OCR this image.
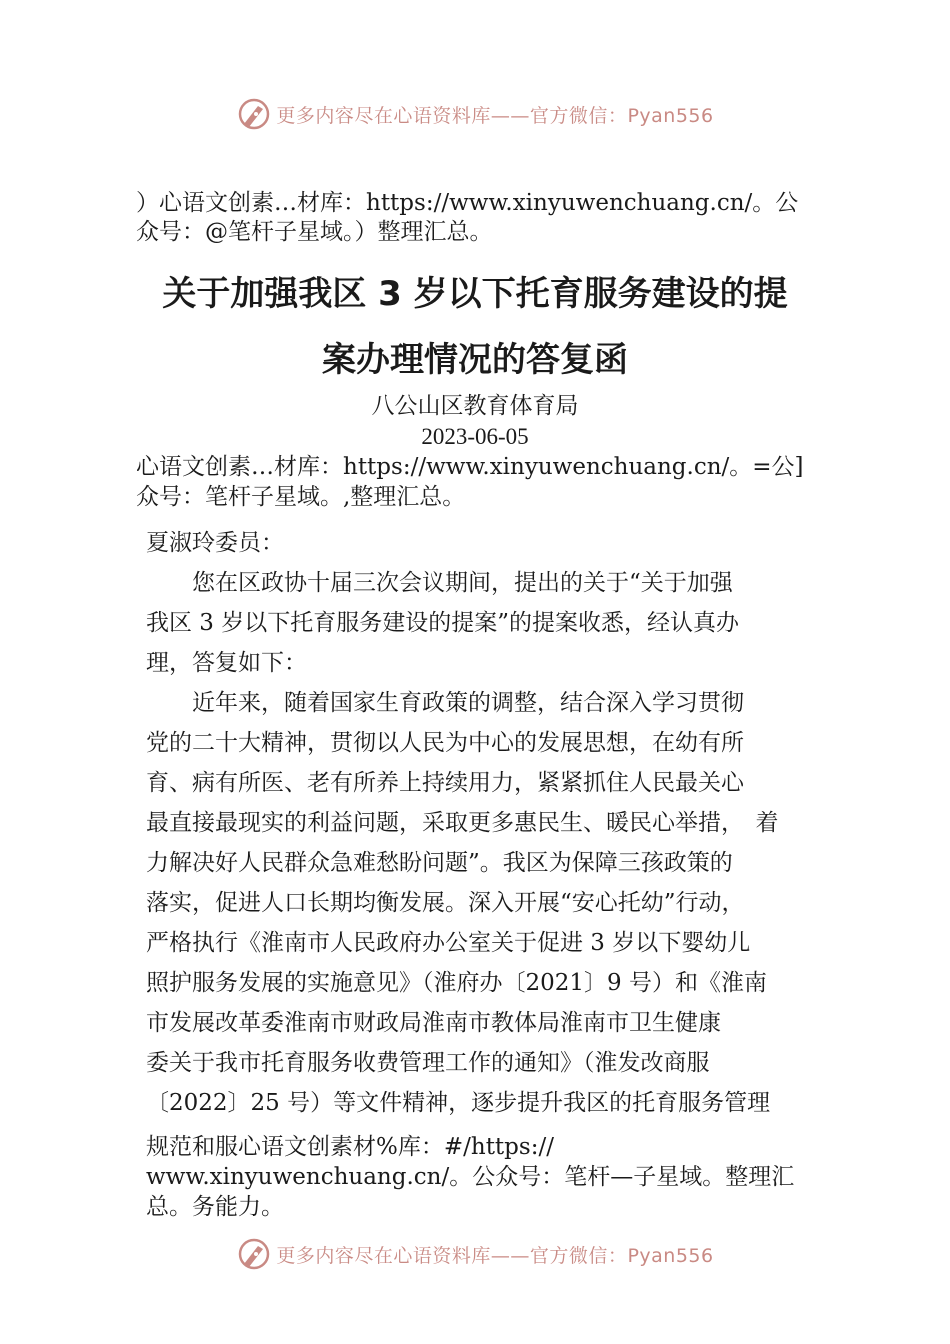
更多内容尽在心语资料库——官方微信：Pyan556
）心语文创素…材库：https://www.xinyuwenchuang.cn/。公
众号：@笔杆子星域。）整理汇总。
关于加强我区 3 岁以下托育服务建设的提
案办理情况的答复函
八公山区教育体育局
2023-06-05
心语文创素…材库：https://www.xinyuwenchuang.cn/。=公]
众号：笔杆子星域。,整理汇总。
夏淑玲委员：
　　您在区政协十届三次会议期间，提出的关于“关于加强
我区 3 岁以下托育服务建设的提案”的提案收悉，经认真办
理，答复如下：
　　近年来，随着国家生育政策的调整，结合深入学习贯彻
党的二十大精神，贯彻以人民为中心的发展思想，在幼有所
育、病有所医、老有所养上持续用力，紧紧抓住人民最关心
最直接最现实的利益问题，采取更多惠民生、暖民心举措，　着
力解决好人民群众急难愁盼问题”。我区为保障三孩政策的
落实，促进人口长期均衡发展。深入开展“安心托幼”行动，
严格执行《淮南市人民政府办公室关于促进 3 岁以下婴幼儿
照护服务发展的实施意见》（淮府办〔2021〕9 号）和《淮南
市发展改革委淮南市财政局淮南市教体局淮南市卫生健康
委关于我市托育服务收费管理工作的通知》（淮发改商服
〔2022〕25 号）等文件精神，逐步提升我区的托育服务管理
规范和服心语文创素材%库：#/https://
www.xinyuwenchuang.cn/。公众号：笔杆—子星域。整理汇
总。务能力。
更多内容尽在心语资料库——官方微信：Pyan556
